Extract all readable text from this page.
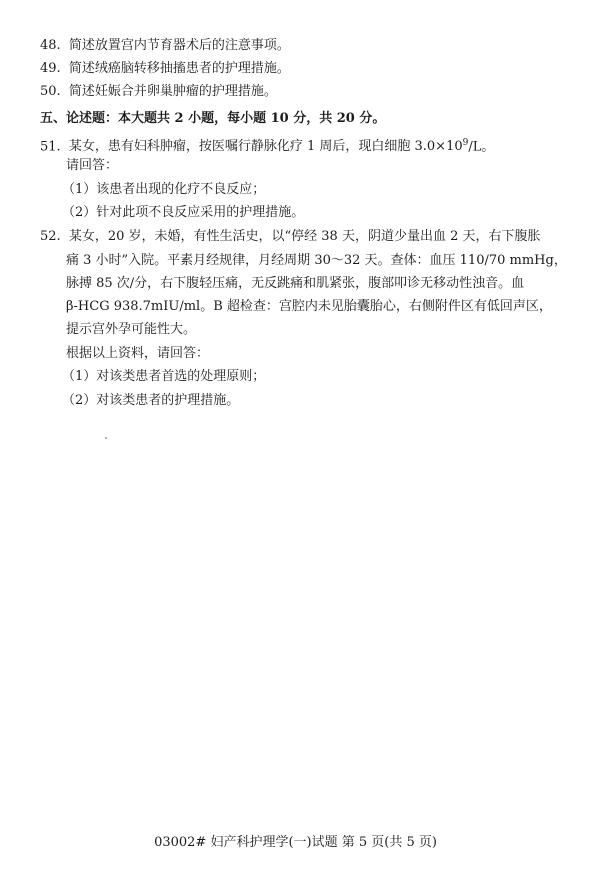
48. 简述放置宫内节育器术后的注意事项。
49. 简述绒癌脑转移抽搐患者的护理措施。
50. 简述妊娠合并卵巢肿瘤的护理措施。
五、论述题：本大题共 2 小题，每小题 10 分，共 20 分。
51. 某女，患有妇科肿瘤，按医嘱行静脉化疗 1 周后，现白细胞 $3.0\times 10^9/L$。
请回答：
（1）该患者出现的化疗不良反应；
（2）针对此项不良反应采用的护理措施。
52. 某女，20 岁，未婚，有性生活史，以“停经 38 天，阴道少量出血 2 天，右下腹胀
痛 3 小时”入院。平素月经规律，月经周期 30～32 天。查体：血压 110/70 mmHg，
脉搏 85 次/分，右下腹轻压痛，无反跳痛和肌紧张，腹部叩诊无移动性浊音。血
β-HCG 938.7mIU/ml。B 超检查：宫腔内未见胎囊胎心，右侧附件区有低回声区，
提示宫外孕可能性大。
根据以上资料，请回答：
（1）对该类患者首选的处理原则；
（2）对该类患者的护理措施。
03002# 妇产科护理学(一)试题 第 5 页(共 5 页)
